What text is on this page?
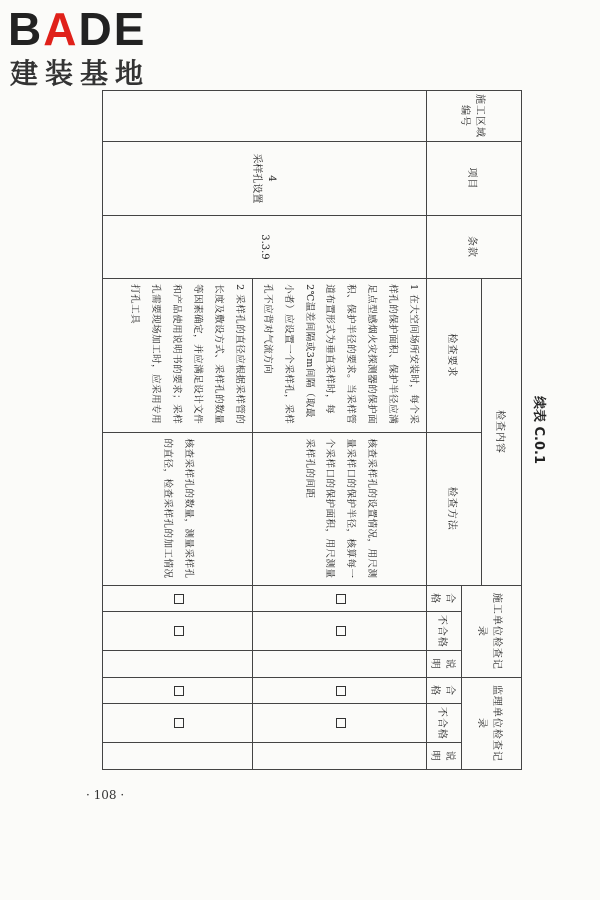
BADE
建装基地
续表 C.0.1
施工区域编号	项目	条款	检查内容		施工单位检查记录			监理单位检查记录		
			检查要求	检查方法						
					合格	不合格	说明	合格	不合格	说明

	4
采样孔设置	3.3.9	1 在大空间场所安装时，每个采样孔的保护面积、保护半径应满足点型感烟火灾探测器的保护面积、保护半径的要求。当采样管道布置形式为垂直采样时，每2℃温差间隔或3m间隔（取最小者）应设置一个采样孔，采样孔不应背对气流方向	核查采样孔的设置情况，用尺测量采样口的保护半径，核算每一个采样口的保护面积，用尺测量采样孔的间距						
			2 采样孔的直径应根据采样管的长度及敷设方式、采样孔的数量等因素确定，并应满足设计文件和产品使用说明书的要求；采样孔需要现场加工时，应采用专用打孔工具	核查采样孔的数量，测量采样孔的直径，检查采样孔的加工情况						
· 108 ·
